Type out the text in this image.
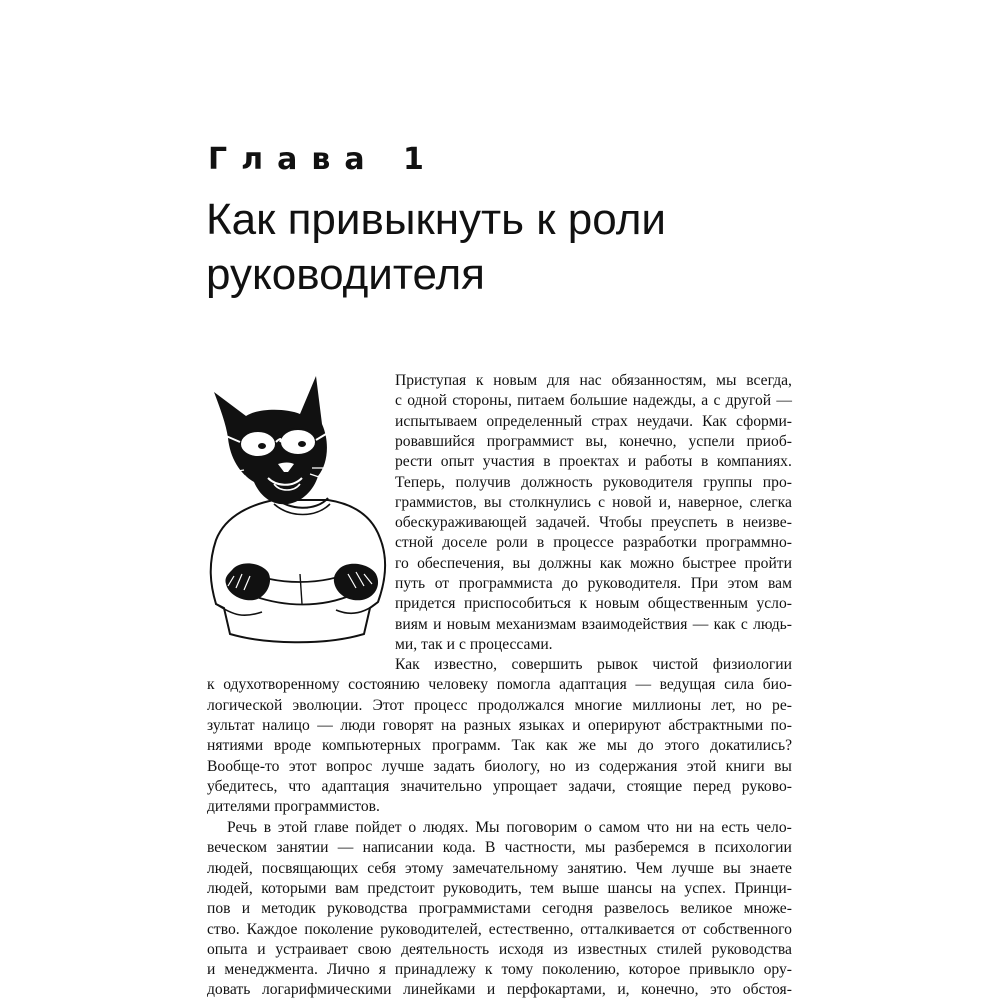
Глава 1
Как привыкнуть к роли
руководителя
Приступая к новым для нас обязанностям, мы всегда,
с одной стороны, питаем большие надежды, а с другой —
испытываем определенный страх неудачи. Как сформи-
ровавшийся программист вы, конечно, успели приоб-
рести опыт участия в проектах и работы в компаниях.
Теперь, получив должность руководителя группы про-
граммистов, вы столкнулись с новой и, наверное, слегка
обескураживающей задачей. Чтобы преуспеть в неизве-
стной доселе роли в процессе разработки программно-
го обеспечения, вы должны как можно быстрее пройти
путь от программиста до руководителя. При этом вам
придется приспособиться к новым общественным усло-
виям и новым механизмам взаимодействия — как с людь-
ми, так и с процессами.
Как известно, совершить рывок чистой физиологии
к одухотворенному состоянию человеку помогла адаптация — ведущая сила био-
логической эволюции. Этот процесс продолжался многие миллионы лет, но ре-
зультат налицо — люди говорят на разных языках и оперируют абстрактными по-
нятиями вроде компьютерных программ. Так как же мы до этого докатились?
Вообще-то этот вопрос лучше задать биологу, но из содержания этой книги вы
убедитесь, что адаптация значительно упрощает задачи, стоящие перед руково-
дителями программистов.
Речь в этой главе пойдет о людях. Мы поговорим о самом что ни на есть чело-
веческом занятии — написании кода. В частности, мы разберемся в психологии
людей, посвящающих себя этому замечательному занятию. Чем лучше вы знаете
людей, которыми вам предстоит руководить, тем выше шансы на успех. Принци-
пов и методик руководства программистами сегодня развелось великое множе-
ство. Каждое поколение руководителей, естественно, отталкивается от собственного
опыта и устраивает свою деятельность исходя из известных стилей руководства
и менеджмента. Лично я принадлежу к тому поколению, которое привыкло ору-
довать логарифмическими линейками и перфокартами, и, конечно, это обстоя-
